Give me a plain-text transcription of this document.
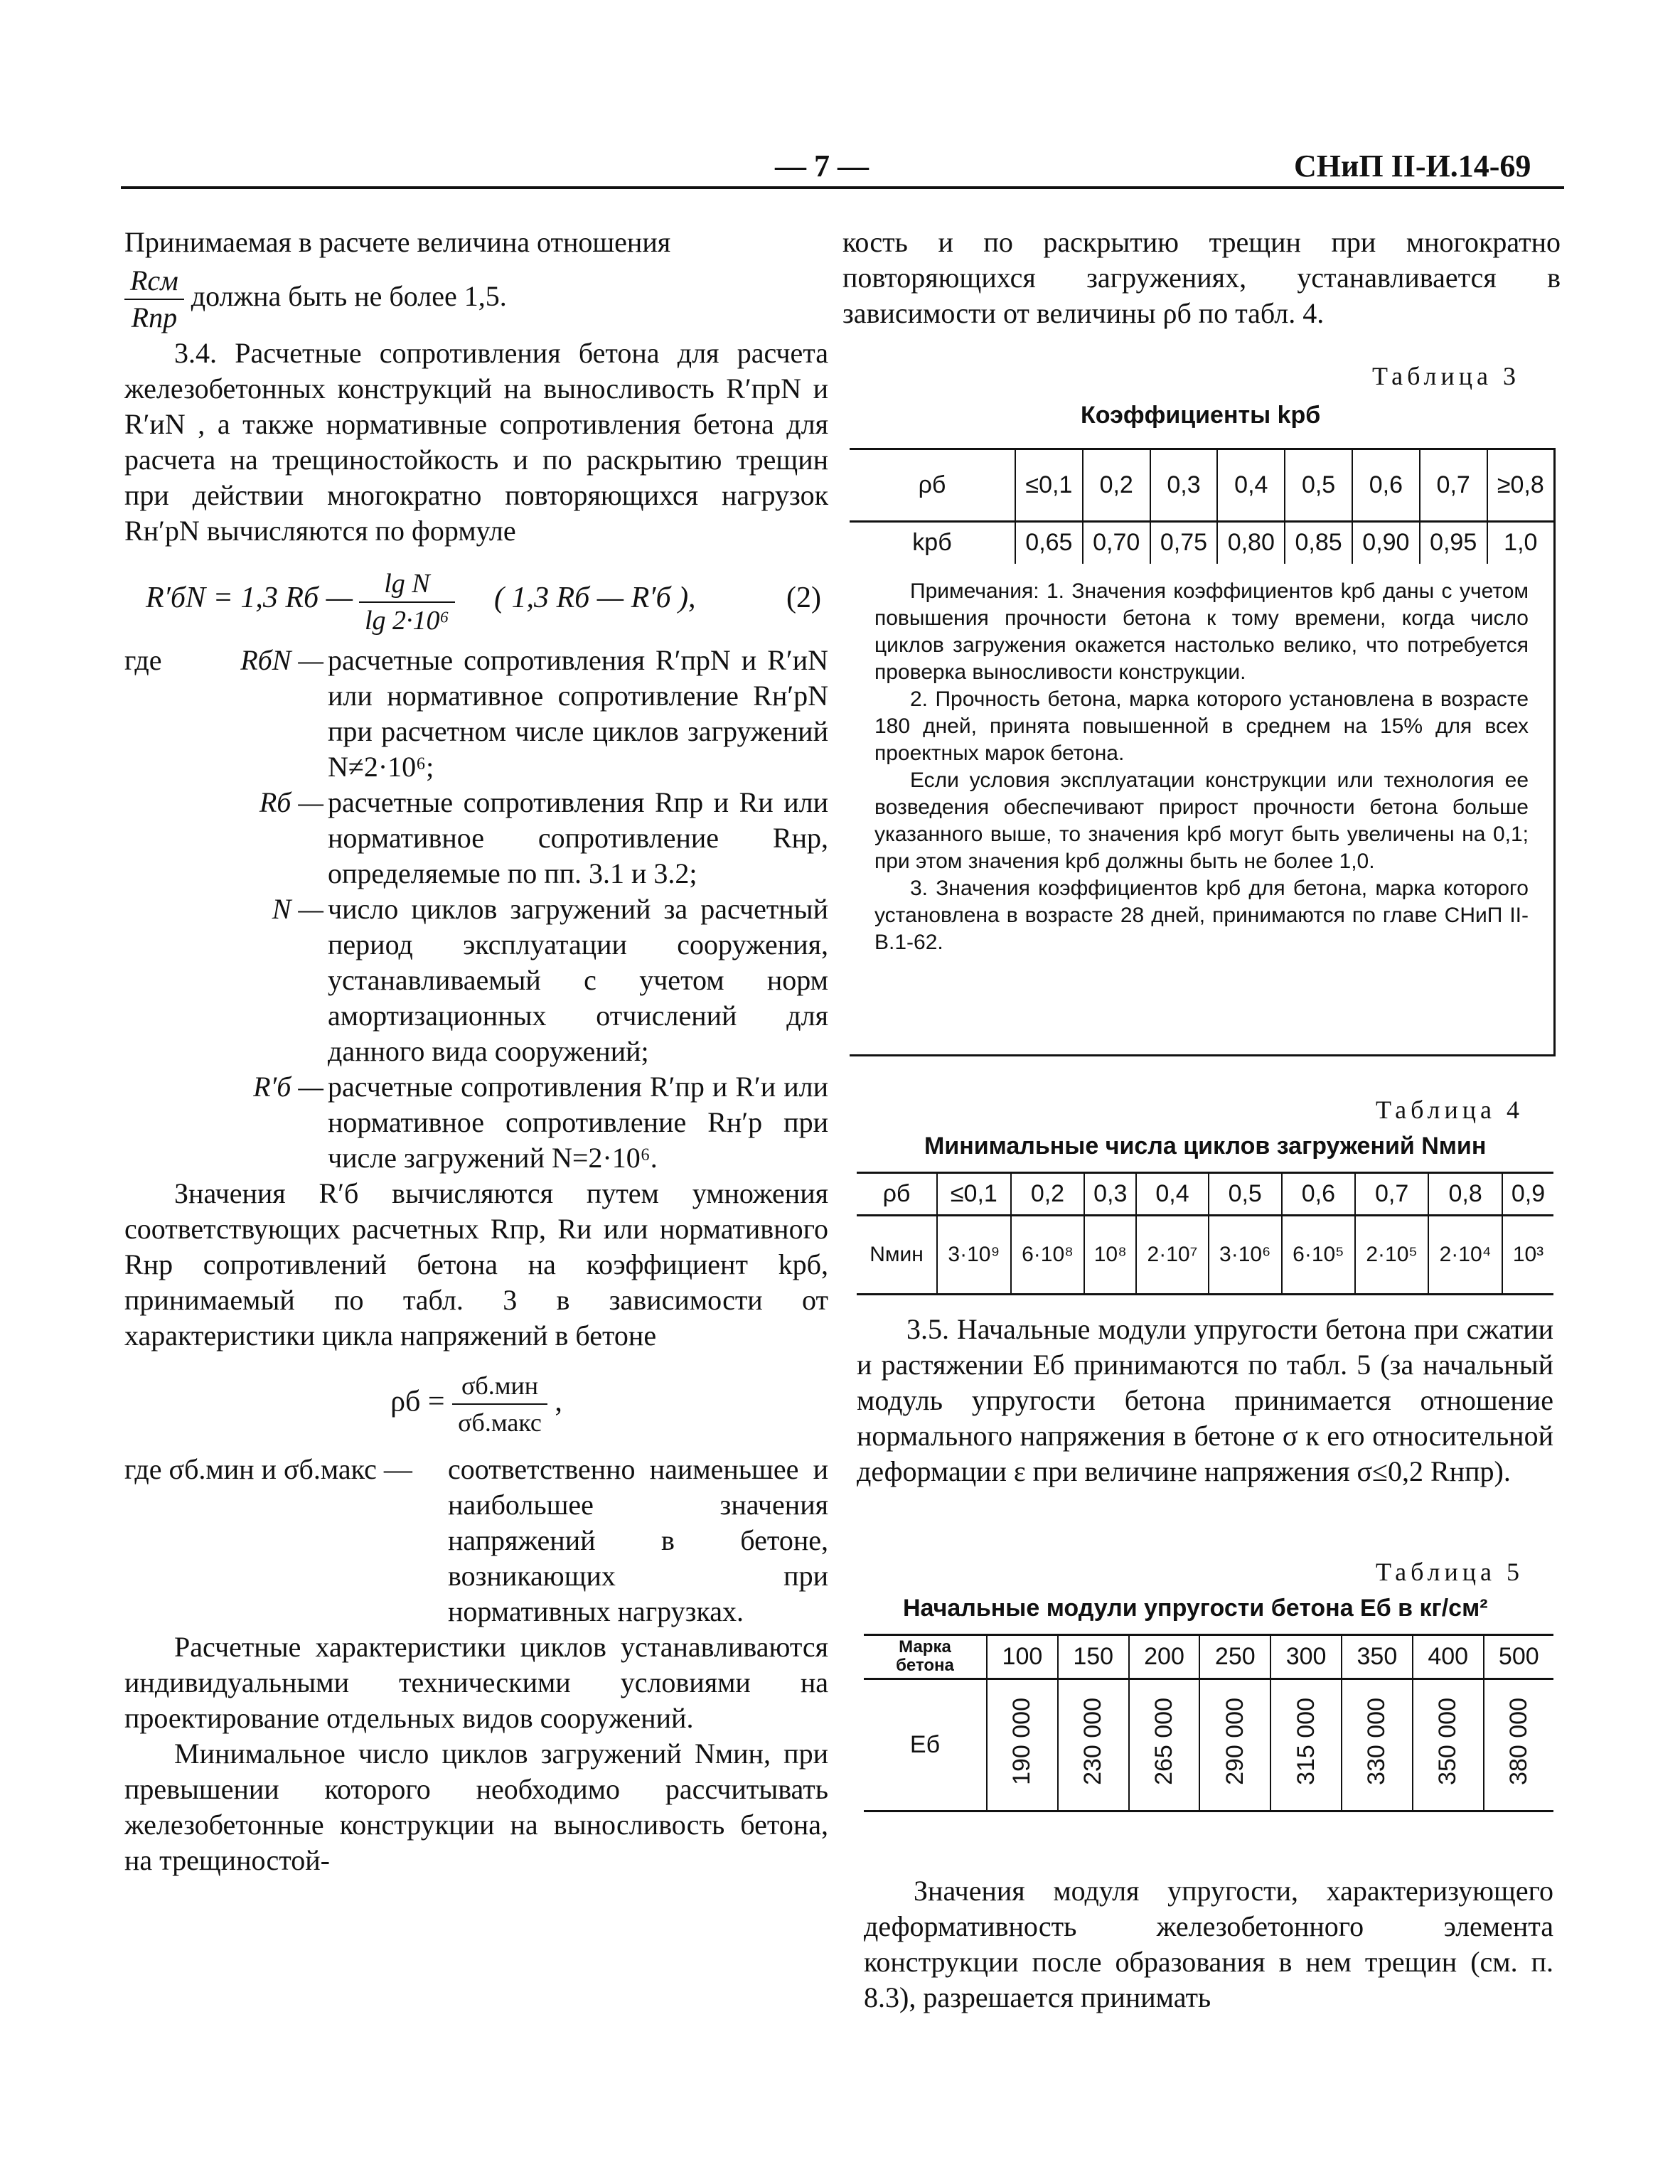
— 7 —	СНиП II-И.14-69

Принимаемая в расчете величина отношения

$\frac{\text{Rсм}}{\text{Rпр}}$ должна быть не более 1,5.

3.4. Расчетные сопротивления бетона для расчета железобетонных конструкций на выносливость R′прN и R′иN , а также нормативные сопротивления бетона для расчета на трещиностойкость и по раскрытию трещин при действии многократно повторяющихся нагрузок Rн′рN вычисляются по формуле

R′бN = 1,3 Rб — $\frac{\text{lg N}}{\text{lg 2·10⁶}}$ ( 1,3 Rб — R′б ),	(2)
где	RбN — расчетные сопротивления R′прN и R′иN или нормативное сопротивление Rн′рN при расчетном числе циклов загружений N≠2·10⁶;
Rб — расчетные сопротивления Rпр и Rи или нормативное сопротивление Rнр, определяемые по пп. 3.1 и 3.2;
N — число циклов загружений за расчетный период эксплуатации сооружения, устанавливаемый с учетом норм амортизационных отчислений для данного вида сооружений;
R′б — расчетные сопротивления R′пр и R′и или нормативное сопротивление Rн′р при числе загружений N=2·10⁶.

Значения R′б вычисляются путем умножения соответствующих расчетных Rпр, Rи или нормативного Rнр сопротивлений бетона на коэффициент kрб, принимаемый по табл. 3 в зависимости от характеристики цикла напряжений в бетоне

$\rho б = \frac{\text{σб.мин}}{\text{σб.макс}}$ ,
где σб.мин и σб.макс —	соответственно наименьшее и наибольшее значения напряжений в бетоне, возникающих при нормативных нагрузках.

Расчетные характеристики циклов устанавливаются индивидуальными техническими условиями на проектирование отдельных видов сооружений.

Минимальное число циклов загружений Nмин, при превышении которого необходимо рассчитывать железобетонные конструкции на выносливость бетона, на трещиностой-

кость и по раскрытию трещин при многократно повторяющихся загружениях, устанавливается в зависимости от величины ρб по табл. 4.

Таблица 3
Коэффициенты kрб
ρб	≤0,1	0,2	0,3	0,4	0,5	0,6	0,7	≥0,8
kрб	0,65	0,70	0,75	0,80	0,85	0,90	0,95	1,0

Примечания: 1. Значения коэффициентов kрб даны с учетом повышения прочности бетона к тому времени, когда число циклов загружения окажется настолько велико, что потребуется проверка выносливости конструкции.

2. Прочность бетона, марка которого установлена в возрасте 180 дней, принята повышенной в среднем на 15% для всех проектных марок бетона.

Если условия эксплуатации конструкции или технология ее возведения обеспечивают прирост прочности бетона больше указанного выше, то значения kрб могут быть увеличены на 0,1; при этом значения kрб должны быть не более 1,0.

3. Значения коэффициентов kрб для бетона, марка которого установлена в возрасте 28 дней, принимаются по главе СНиП II-В.1-62.

Таблица 4
Минимальные числа циклов загружений Nмин
ρб	≤0,1	0,2	0,3	0,4	0,5	0,6	0,7	0,8	0,9
Nмин	3·10⁹	6·10⁸	10⁸	2·10⁷	3·10⁶	6·10⁵	2·10⁵	2·10⁴	10³

3.5. Начальные модули упругости бетона при сжатии и растяжении Eб принимаются по табл. 5 (за начальный модуль упругости бетона принимается отношение нормального напряжения в бетоне σ к его относительной деформации ε при величине напряжения σ≤0,2 Rнпр).

Таблица 5
Начальные модули упругости бетона Eб в кг/см²
Марка бетона	100	150	200	250	300	350	400	500
Eб	190 000	230 000	265 000	290 000	315 000	330 000	350 000	380 000

Значения модуля упругости, характеризующего деформативность железобетонного элемента конструкции после образования в нем трещин (см. п. 8.3), разрешается принимать
